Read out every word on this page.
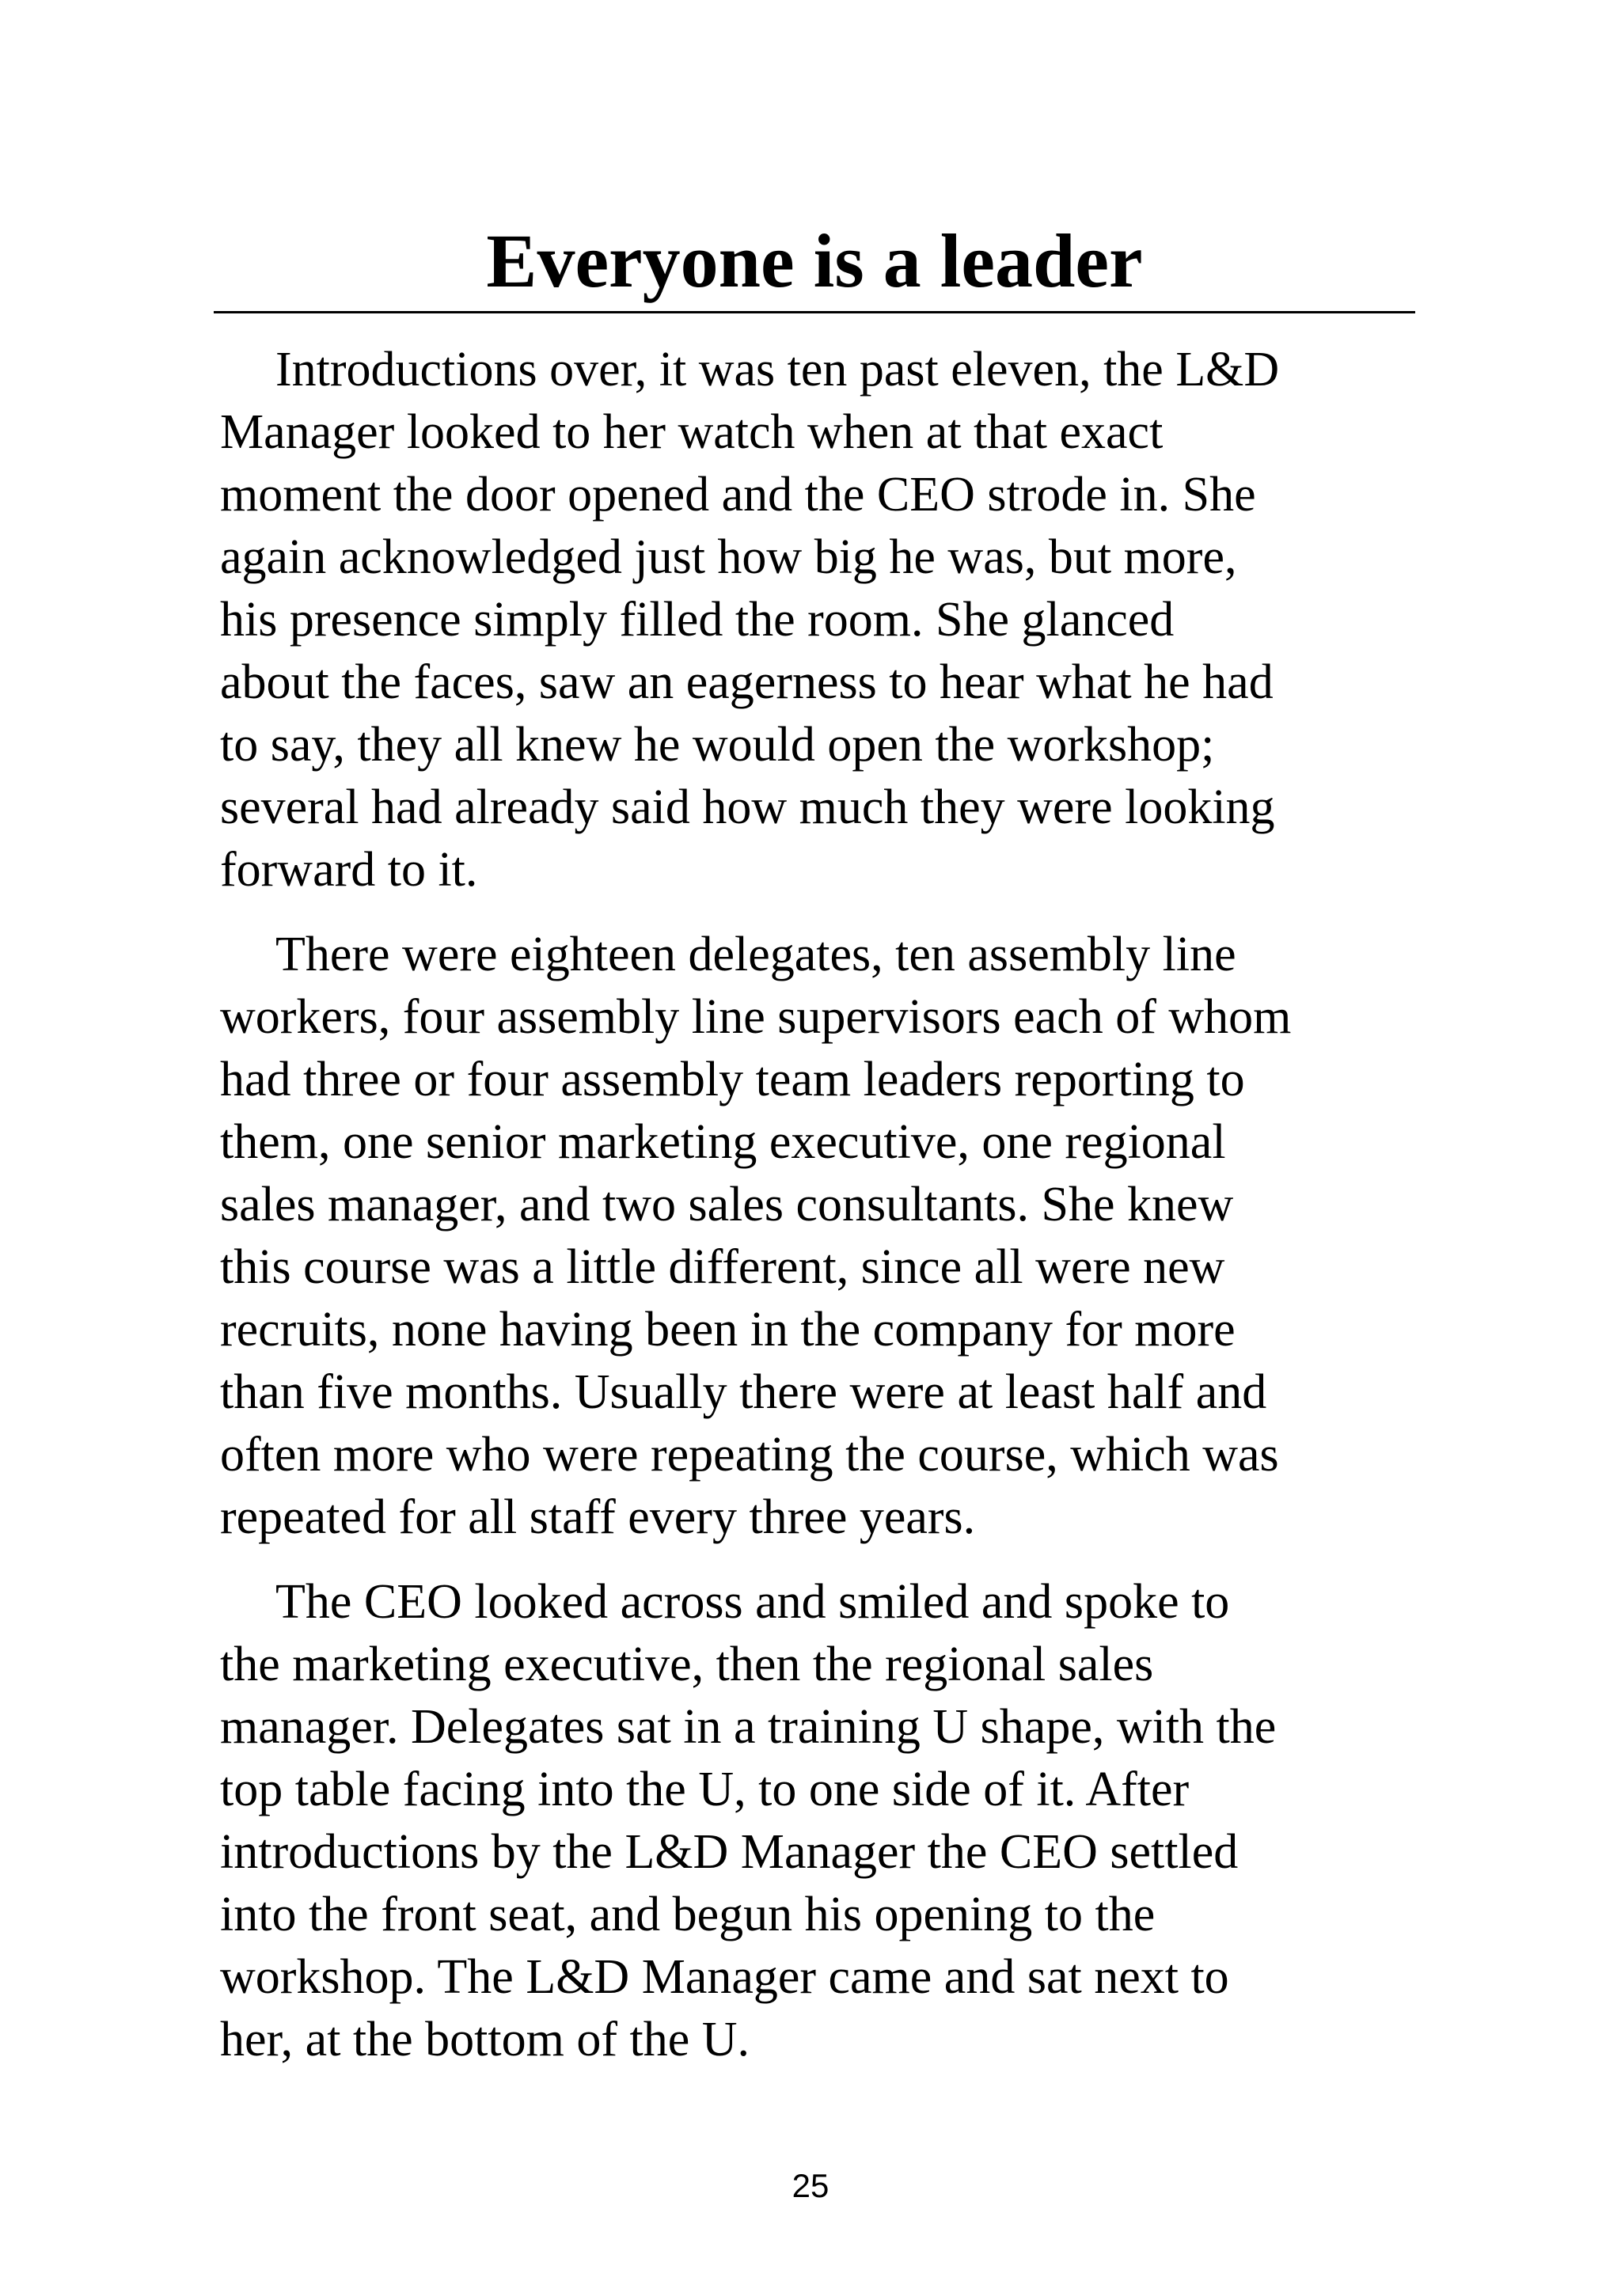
Everyone is a leader

Introductions over, it was ten past eleven, the L&D
Manager looked to her watch when at that exact
moment the door opened and the CEO strode in. She
again acknowledged just how big he was, but more,
his presence simply filled the room. She glanced
about the faces, saw an eagerness to hear what he had
to say, they all knew he would open the workshop;
several had already said how much they were looking
forward to it.

There were eighteen delegates, ten assembly line
workers, four assembly line supervisors each of whom
had three or four assembly team leaders reporting to
them, one senior marketing executive, one regional
sales manager, and two sales consultants. She knew
this course was a little different, since all were new
recruits, none having been in the company for more
than five months. Usually there were at least half and
often more who were repeating the course, which was
repeated for all staff every three years.

The CEO looked across and smiled and spoke to
the marketing executive, then the regional sales
manager. Delegates sat in a training U shape, with the
top table facing into the U, to one side of it. After
introductions by the L&D Manager the CEO settled
into the front seat, and begun his opening to the
workshop. The L&D Manager came and sat next to
her, at the bottom of the U.

25
